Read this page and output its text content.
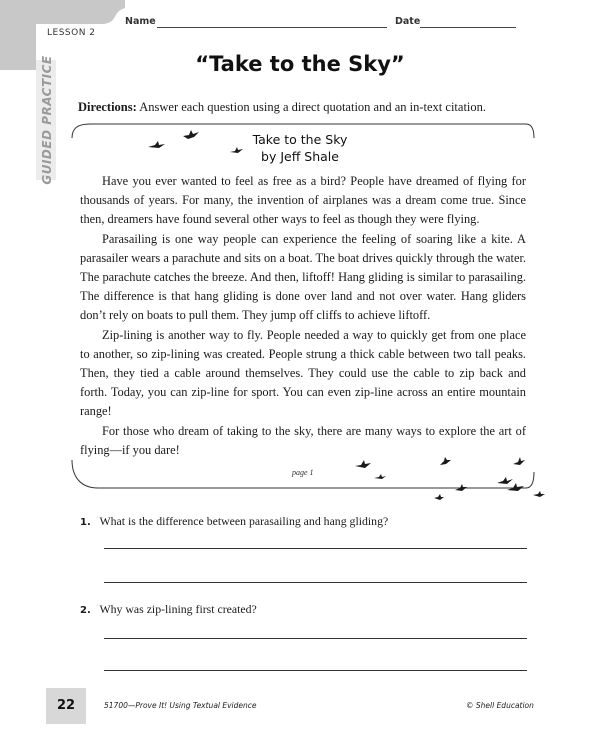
LESSON 2
GUIDED PRACTICE
Name	Date
“Take to the Sky”
Directions: Answer each question using a direct quotation and an in-text citation.
Take to the Sky
by Jeff Shale

Have you ever wanted to feel as free as a bird? People have dreamed of flying for thousands of years. For many, the invention of airplanes was a dream come true. Since then, dreamers have found several other ways to feel as though they were flying.

Parasailing is one way people can experience the feeling of soaring like a kite. A parasailer wears a parachute and sits on a boat. The boat drives quickly through the water. The parachute catches the breeze. And then, liftoff! Hang gliding is similar to parasailing. The difference is that hang gliding is done over land and not over water. Hang gliders don’t rely on boats to pull them. They jump off cliffs to achieve liftoff.

Zip-lining is another way to fly. People needed a way to quickly get from one place to another, so zip-lining was created. People strung a thick cable between two tall peaks. Then, they tied a cable around themselves. They could use the cable to zip back and forth. Today, you can zip-line for sport. You can even zip-line across an entire mountain range!

For those who dream of taking to the sky, there are many ways to explore the art of flying—if you dare!

page 1
1. What is the difference between parasailing and hang gliding?
2. Why was zip-lining first created?
22	51700—Prove It! Using Textual Evidence	© Shell Education
